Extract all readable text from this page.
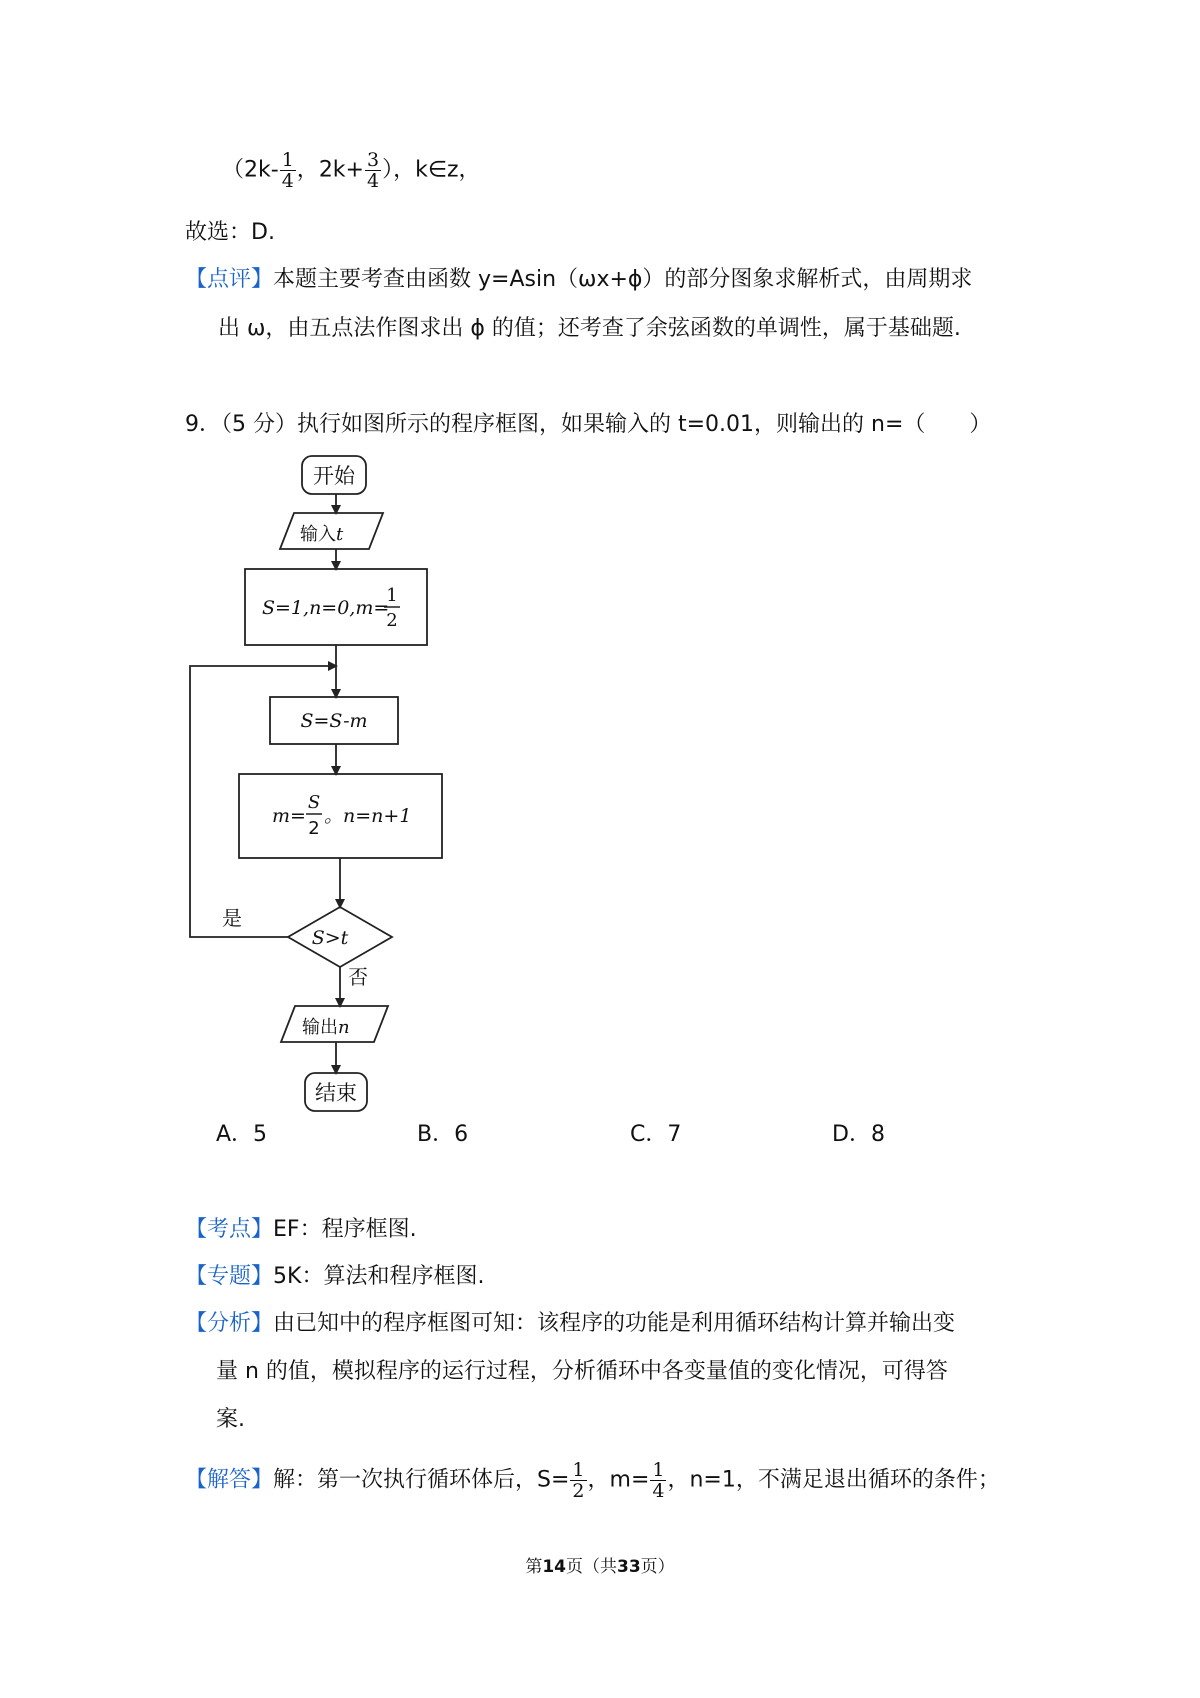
（$2k- \frac{1}{4}$ ，$2k+ \frac{3}{4}$ ），k∈z，
故选：D.
【点评】本题主要考查由函数 y=Asin（ωx+ϕ）的部分图象求解析式，由周期求
出 ω，由五点法作图求出 ϕ 的值；还考查了余弦函数的单调性，属于基础题.
9．（5 分）执行如图所示的程序框图，如果输入的 t=0.01，则输出的 n=（　　）
开始
输入t
S=1,n=0,m=
1
2
S=S-m
m=
S
2
。n=n+1
S>t
是
否
输出n
结束
A．5	B．6	C．7	D．8
【考点】EF：程序框图.
【专题】5K：算法和程序框图.
【分析】由已知中的程序框图可知：该程序的功能是利用循环结构计算并输出变
量 n 的值，模拟程序的运行过程，分析循环中各变量值的变化情况，可得答
案.
【解答】解：第一次执行循环体后，$S= \frac{1}{2}$ ，$m= \frac{1}{4}$ ，n=1，不满足退出循环的条件；
第14页（共33页）
